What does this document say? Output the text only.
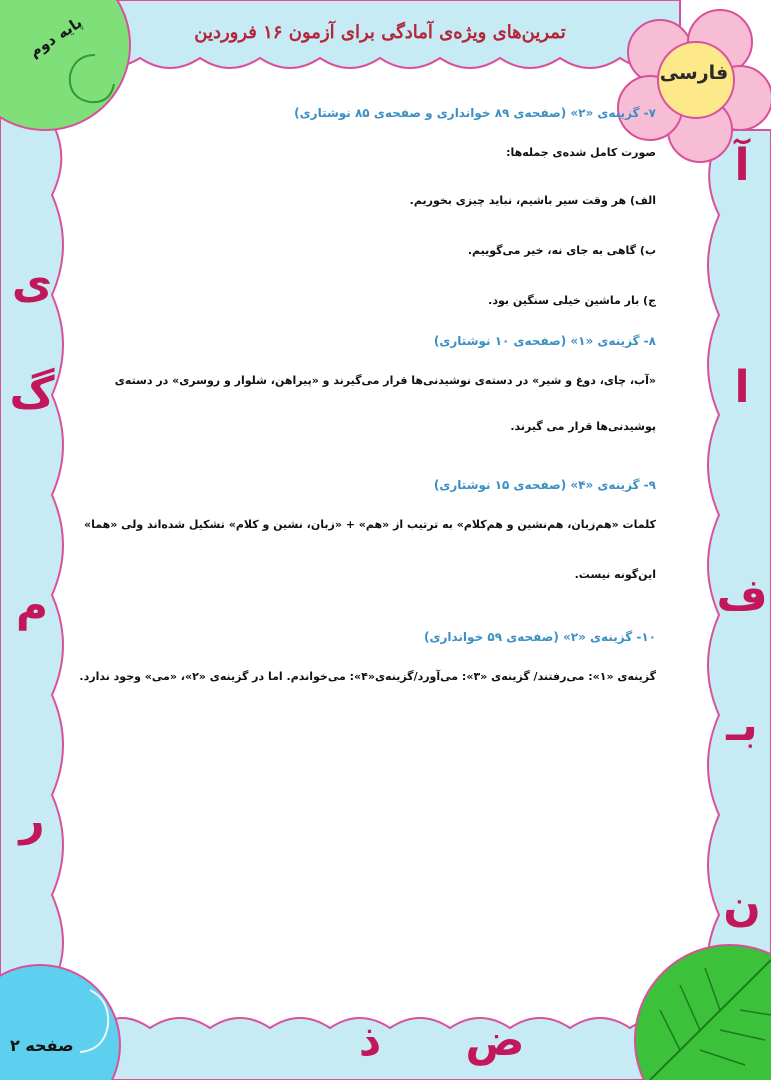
تمرین‌های ویژه‌ی آمادگی برای آزمون ۱۶ فروردین
فارسی
پایه دوم
صفحه ۲
آ
ا
ف
بـ
ن
ی
گ
م
ر
ض
ذ
۷- گزینه‌ی «۲» (صفحه‌ی ۸۹ خوانداری و صفحه‌ی ۸۵ نوشتاری)
صورت کامل شده‌ی جمله‌ها:
الف) هر وقت سیر باشیم، نباید چیزی بخوریم.
ب) گاهی به جای نه، خیر می‌گوییم.
ج) بار ماشین خیلی سنگین بود.
۸- گزینه‌ی «۱» (صفحه‌ی ۱۰ نوشتاری)
«آب، چای، دوغ و شیر» در دسته‌ی نوشیدنی‌ها قرار می‌گیرند و «پیراهن، شلوار و روسری» در دسته‌ی
پوشیدنی‌ها قرار می گیرند.
۹- گزینه‌ی «۴» (صفحه‌ی ۱۵ نوشتاری)
کلمات «هم‌زبان، هم‌نشین و هم‌کلام» به ترتیب از «هم» + «زبان، نشین و کلام» تشکیل شده‌اند ولی «هما»
این‌گونه نیست.
۱۰- گزینه‌ی «۲» (صفحه‌ی ۵۹ خوانداری)
گزینه‌ی «۱»: می‌رفتند/ گزینه‌ی «۳»: می‌آورد/گزینه‌ی«۴»: می‌خواندم. اما در گزینه‌ی «۲»، «می» وجود ندارد.
